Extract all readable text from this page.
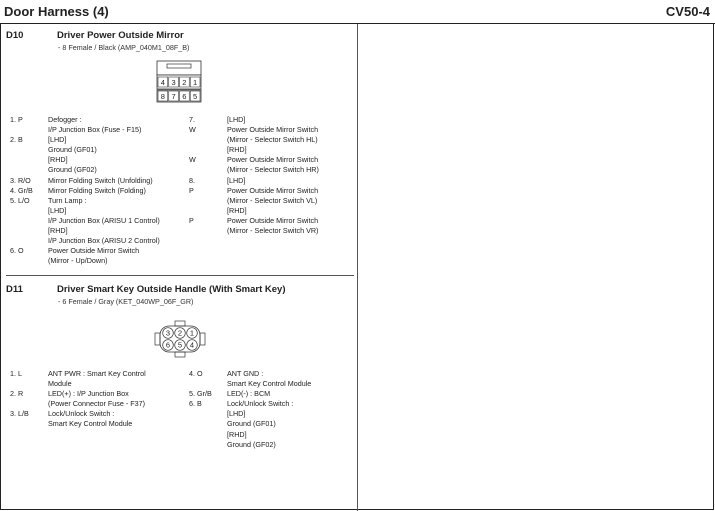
Door Harness (4)	CV50-4
D10	Driver Power Outside Mirror
- 8 Female / Black (AMP_040M1_08F_B)
4 3 2 1
8 7 6 5
1. P	Defogger :
I/P Junction Box (Fuse - F15)
2. B	[LHD]
Ground (GF01)
[RHD]
Ground (GF02)
3. R/O Mirror Folding Switch (Unfolding)
4. Gr/B Mirror Folding Switch (Folding)
5. L/O	Turn Lamp :
[LHD]
I/P Junction Box (ARISU 1 Control)
[RHD]
I/P Junction Box (ARISU 2 Control)
6. O	Power Outside Mirror Switch
(Mirror - Up/Down)
7.	[LHD]
W	Power Outside Mirror Switch
(Mirror - Selector Switch HL)
[RHD]
W	Power Outside Mirror Switch
(Mirror - Selector Switch HR)
8.	[LHD]
P	Power Outside Mirror Switch
(Mirror - Selector Switch VL)
[RHD]
P	Power Outside Mirror Switch
(Mirror - Selector Switch VR)
D11	Driver Smart Key Outside Handle (With Smart Key)
- 6 Female / Gray (KET_040WP_06F_GR)
3 2 1
6 5 4
1. L	ANT PWR : Smart Key Control
Module
2. R	LED(+) : I/P Junction Box
(Power Connector Fuse - F37)
3. L/B	Lock/Unlock Switch :
Smart Key Control Module
4. O	ANT GND :
Smart Key Control Module
5. Gr/B LED(-) : BCM
6. B	Lock/Unlock Switch :
[LHD]
Ground (GF01)
[RHD]
Ground (GF02)
